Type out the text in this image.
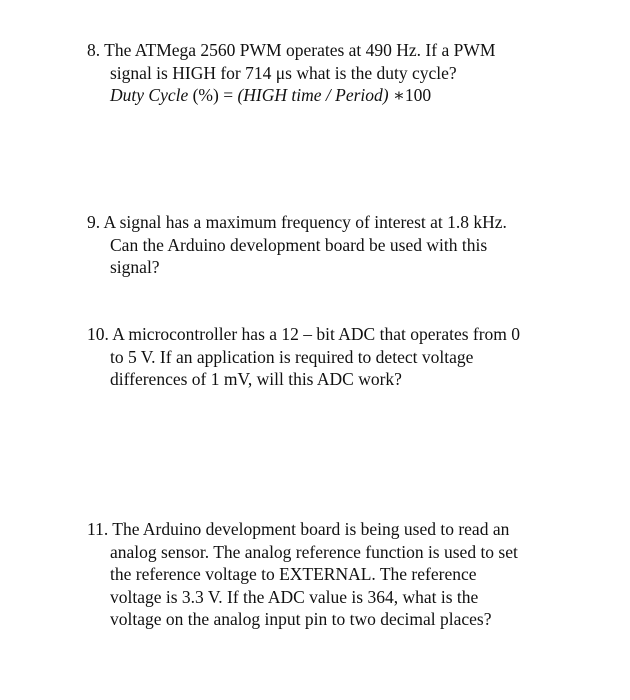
8. The ATMega 2560 PWM operates at 490 Hz. If a PWM
signal is HIGH for 714 μs what is the duty cycle?
Duty Cycle (%) = (HIGH time / Period) ∗100
9. A signal has a maximum frequency of interest at 1.8 kHz.
Can the Arduino development board be used with this
signal?
10. A microcontroller has a 12 – bit ADC that operates from 0
to 5 V. If an application is required to detect voltage
differences of 1 mV, will this ADC work?
11. The Arduino development board is being used to read an
analog sensor. The analog reference function is used to set
the reference voltage to EXTERNAL. The reference
voltage is 3.3 V. If the ADC value is 364, what is the
voltage on the analog input pin to two decimal places?
